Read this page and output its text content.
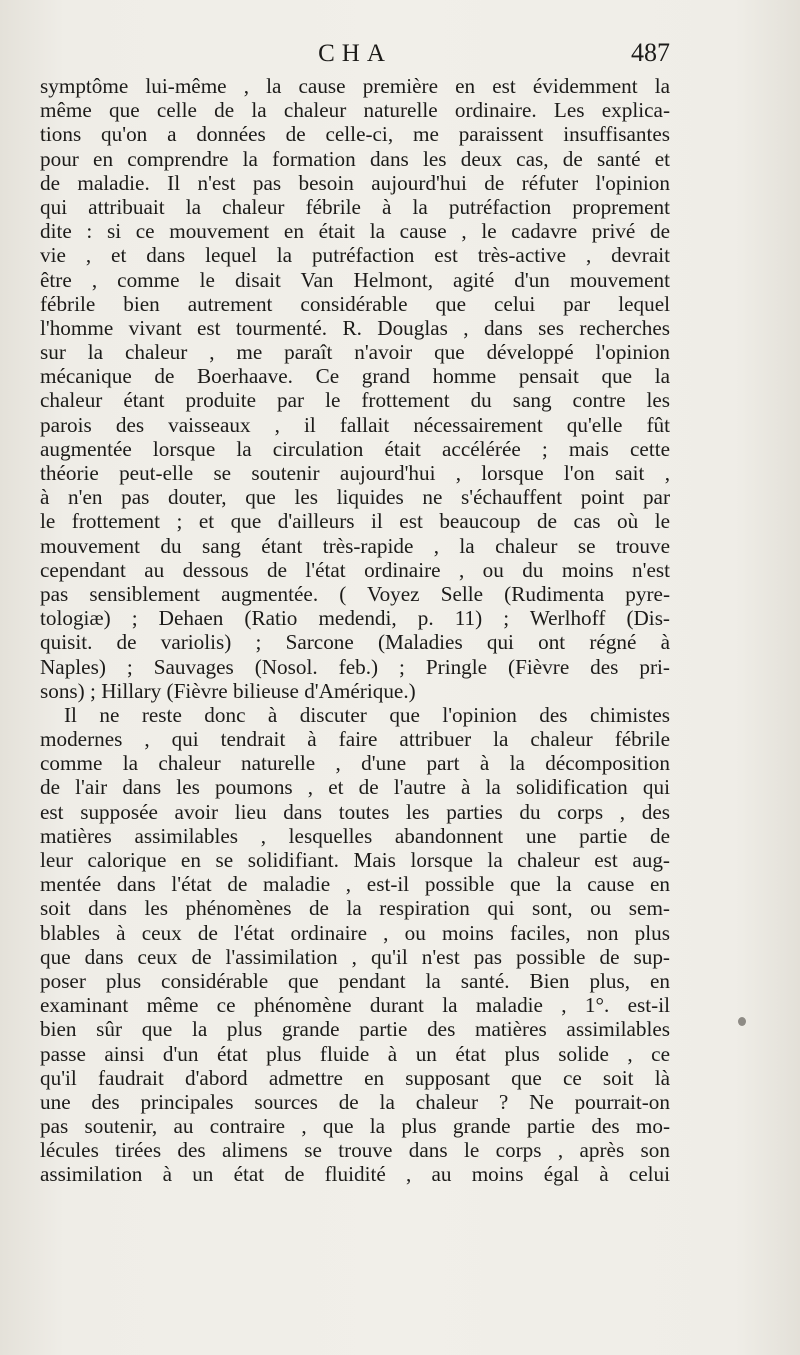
CHA	487
symptôme lui-même , la cause première en est évidemment la
même que celle de la chaleur naturelle ordinaire. Les explica-
tions qu'on a données de celle-ci, me paraissent insuffisantes
pour en comprendre la formation dans les deux cas, de santé et
de maladie. Il n'est pas besoin aujourd'hui de réfuter l'opinion
qui attribuait la chaleur fébrile à la putréfaction proprement
dite : si ce mouvement en était la cause , le cadavre privé de
vie , et dans lequel la putréfaction est très-active , devrait
être , comme le disait Van Helmont, agité d'un mouvement
fébrile bien autrement considérable que celui par lequel
l'homme vivant est tourmenté. R. Douglas , dans ses recherches
sur la chaleur , me paraît n'avoir que développé l'opinion
mécanique de Boerhaave. Ce grand homme pensait que la
chaleur étant produite par le frottement du sang contre les
parois des vaisseaux , il fallait nécessairement qu'elle fût
augmentée lorsque la circulation était accélérée ; mais cette
théorie peut-elle se soutenir aujourd'hui , lorsque l'on sait ,
à n'en pas douter, que les liquides ne s'échauffent point par
le frottement ; et que d'ailleurs il est beaucoup de cas où le
mouvement du sang étant très-rapide , la chaleur se trouve
cependant au dessous de l'état ordinaire , ou du moins n'est
pas sensiblement augmentée. ( Voyez Selle (Rudimenta pyre-
tologiæ) ; Dehaen (Ratio medendi, p. 11) ; Werlhoff (Dis-
quisit. de variolis) ; Sarcone (Maladies qui ont régné à
Naples) ; Sauvages (Nosol. feb.) ; Pringle (Fièvre des pri-
sons) ; Hillary (Fièvre bilieuse d'Amérique.)
Il ne reste donc à discuter que l'opinion des chimistes
modernes , qui tendrait à faire attribuer la chaleur fébrile
comme la chaleur naturelle , d'une part à la décomposition
de l'air dans les poumons , et de l'autre à la solidification qui
est supposée avoir lieu dans toutes les parties du corps , des
matières assimilables , lesquelles abandonnent une partie de
leur calorique en se solidifiant. Mais lorsque la chaleur est aug-
mentée dans l'état de maladie , est-il possible que la cause en
soit dans les phénomènes de la respiration qui sont, ou sem-
blables à ceux de l'état ordinaire , ou moins faciles, non plus
que dans ceux de l'assimilation , qu'il n'est pas possible de sup-
poser plus considérable que pendant la santé. Bien plus, en
examinant même ce phénomène durant la maladie , 1°. est-il
bien sûr que la plus grande partie des matières assimilables
passe ainsi d'un état plus fluide à un état plus solide , ce
qu'il faudrait d'abord admettre en supposant que ce soit là
une des principales sources de la chaleur ? Ne pourrait-on
pas soutenir, au contraire , que la plus grande partie des mo-
lécules tirées des alimens se trouve dans le corps , après son
assimilation à un état de fluidité , au moins égal à celui
